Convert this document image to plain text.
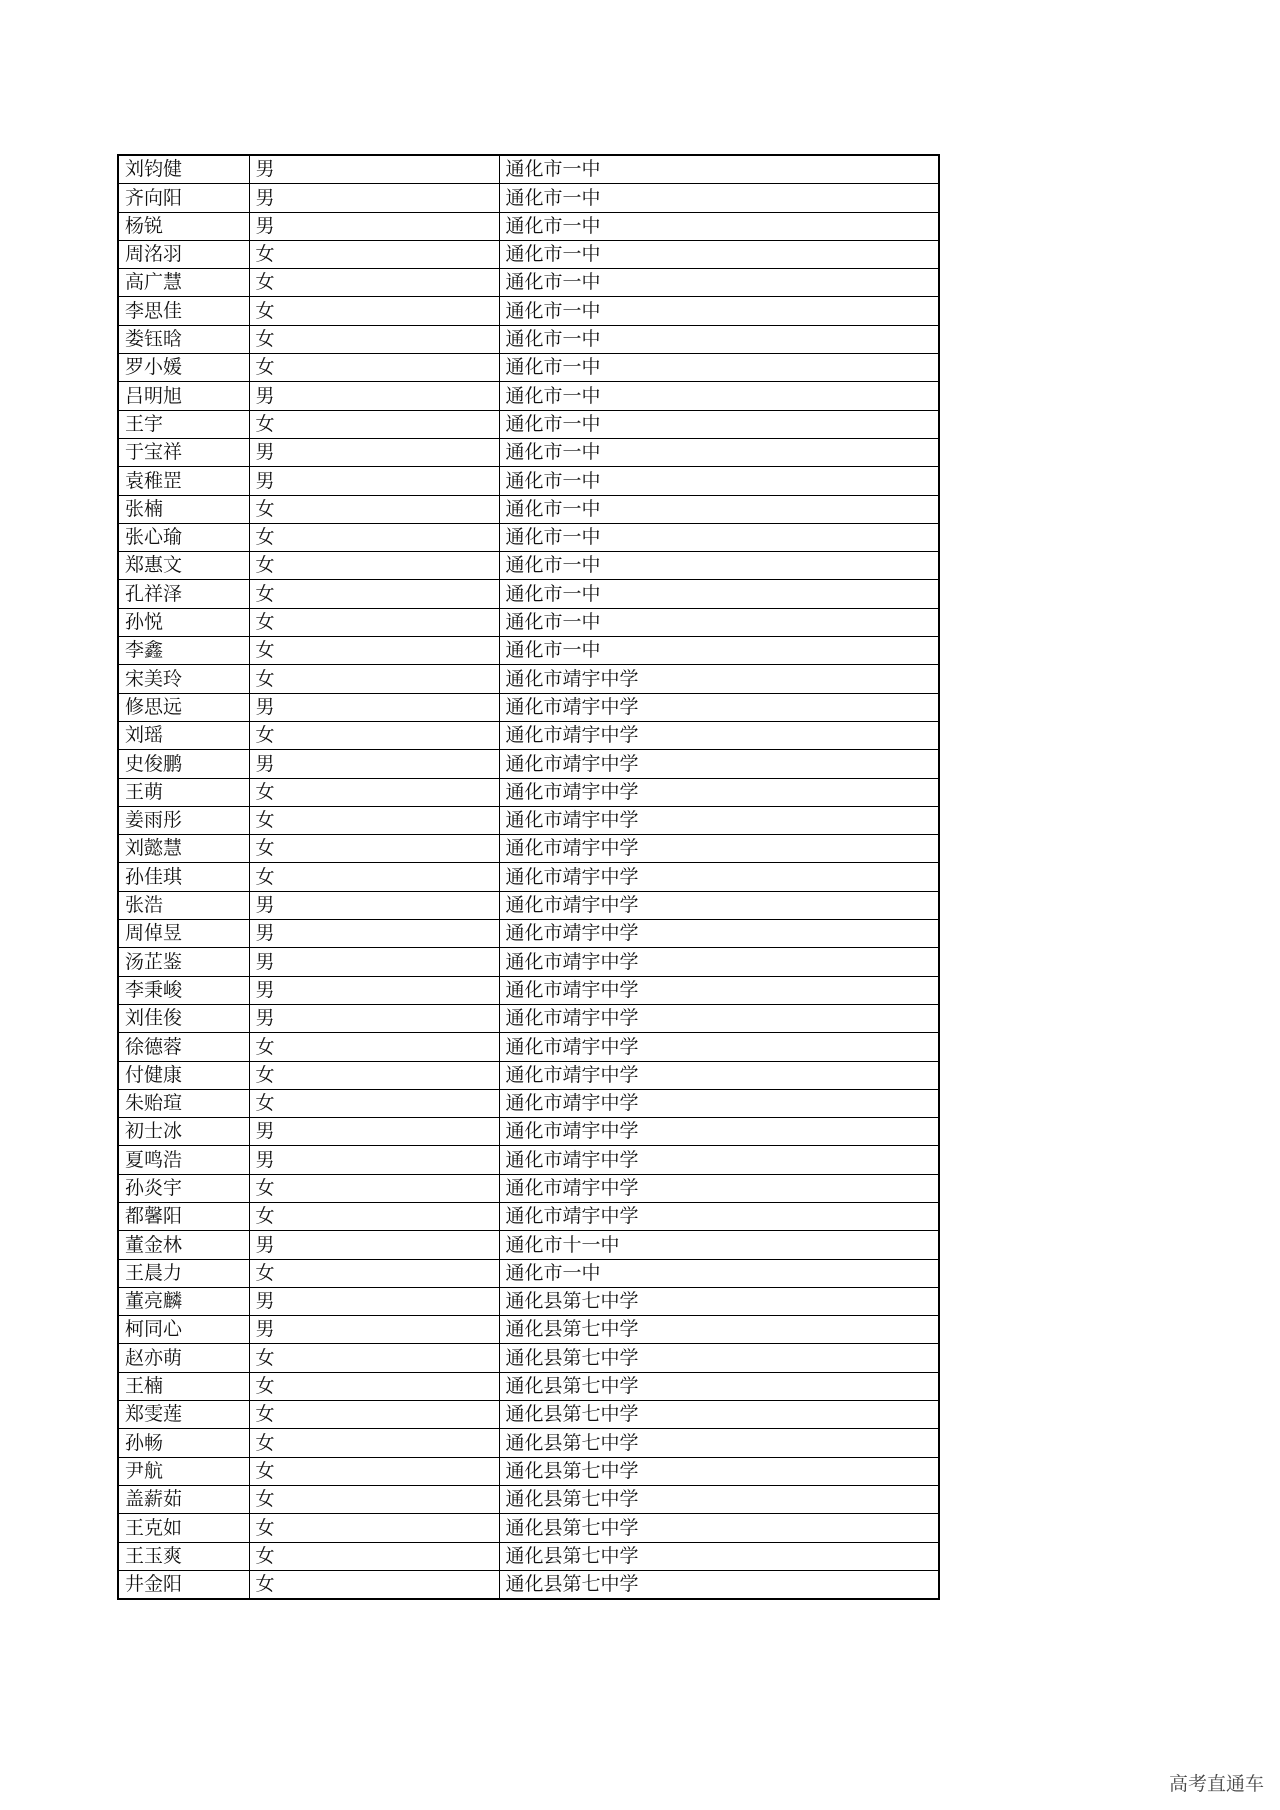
刘钧健	男	通化市一中
齐向阳	男	通化市一中
杨锐	男	通化市一中
周洺羽	女	通化市一中
高广慧	女	通化市一中
李思佳	女	通化市一中
娄钰晗	女	通化市一中
罗小媛	女	通化市一中
吕明旭	男	通化市一中
王宇	女	通化市一中
于宝祥	男	通化市一中
袁稚罡	男	通化市一中
张楠	女	通化市一中
张心瑜	女	通化市一中
郑惠文	女	通化市一中
孔祥泽	女	通化市一中
孙悦	女	通化市一中
李鑫	女	通化市一中
宋美玲	女	通化市靖宇中学
修思远	男	通化市靖宇中学
刘瑶	女	通化市靖宇中学
史俊鹏	男	通化市靖宇中学
王萌	女	通化市靖宇中学
姜雨彤	女	通化市靖宇中学
刘懿慧	女	通化市靖宇中学
孙佳琪	女	通化市靖宇中学
张浩	男	通化市靖宇中学
周倬昱	男	通化市靖宇中学
汤芷鉴	男	通化市靖宇中学
李秉峻	男	通化市靖宇中学
刘佳俊	男	通化市靖宇中学
徐德蓉	女	通化市靖宇中学
付健康	女	通化市靖宇中学
朱贻瑄	女	通化市靖宇中学
初士冰	男	通化市靖宇中学
夏鸣浩	男	通化市靖宇中学
孙炎宇	女	通化市靖宇中学
都馨阳	女	通化市靖宇中学
董金林	男	通化市十一中
王晨力	女	通化市一中
董亮麟	男	通化县第七中学
柯同心	男	通化县第七中学
赵亦萌	女	通化县第七中学
王楠	女	通化县第七中学
郑雯莲	女	通化县第七中学
孙畅	女	通化县第七中学
尹航	女	通化县第七中学
盖薪茹	女	通化县第七中学
王克如	女	通化县第七中学
王玉爽	女	通化县第七中学
井金阳	女	通化县第七中学
高考直通车
